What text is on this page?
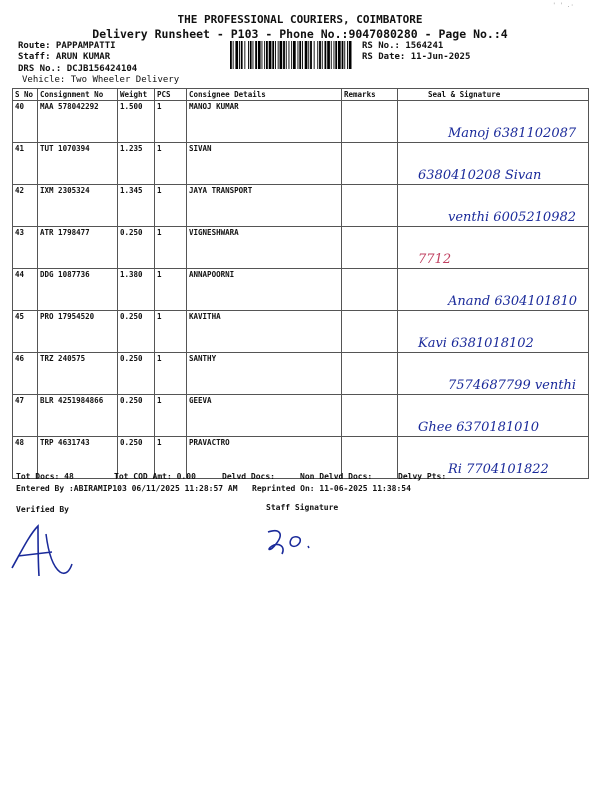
' ' .·
THE PROFESSIONAL COURIERS, COIMBATORE
Delivery Runsheet - P103 - Phone No.:9047080280 - Page No.:4
Route: PAPPAMPATTI
Staff: ARUN KUMAR
DRS No.: DCJB156424104
Vehicle: Two Wheeler Delivery
RS No.: 1564241
RS Date: 11-Jun-2025
S No	Consignment No	Weight	PCS	Consignee Details	Remarks	Seal & Signature
40	MAA 578042292	1.500	1	MANOJ KUMAR		Manoj 6381102087
41	TUT 1070394	1.235	1	SIVAN		6380410208 Sivan
42	IXM 2305324	1.345	1	JAYA TRANSPORT		venthi 6005210982
43	ATR 1798477	0.250	1	VIGNESHWARA		7712
44	DDG 1087736	1.380	1	ANNAPOORNI		Anand 6304101810
45	PRO 17954520	0.250	1	KAVITHA		Kavi 6381018102
46	TRZ 240575	0.250	1	SANTHY		7574687799 venthi
47	BLR 4251984866	0.250	1	GEEVA		Ghee 6370181010
48	TRP 4631743	0.250	1	PRAVACTRO		Ri 7704101822
Tot Docs: 48	Tot COD Amt: 0.00	Delvd Docs:	Non Delvd Docs:	Delvy Pts:
Entered By :ABIRAMIP103 06/11/2025 11:28:57 AM Reprinted On: 11-06-2025 11:38:54
Verified By	Staff Signature
